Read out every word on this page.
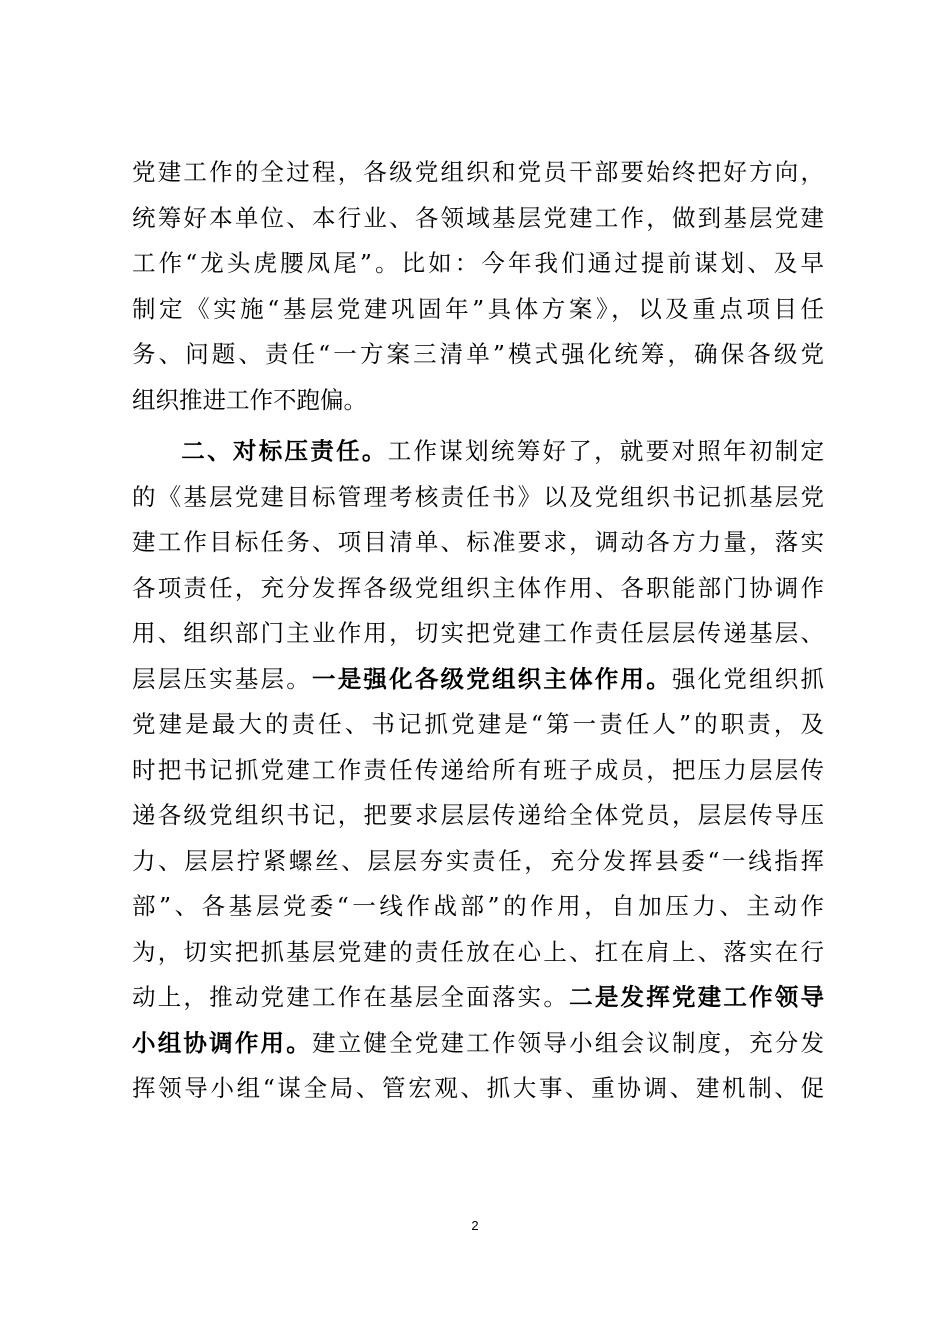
党建工作的全过程，各级党组织和党员干部要始终把好方向，
统筹好本单位、本行业、各领域基层党建工作，做到基层党建
工作“龙头虎腰凤尾”。比如：今年我们通过提前谋划、及早
制定《实施“基层党建巩固年”具体方案》，以及重点项目任
务、问题、责任“一方案三清单”模式强化统筹，确保各级党
组织推进工作不跑偏。
二、对标压责任。工作谋划统筹好了，就要对照年初制定
的《基层党建目标管理考核责任书》以及党组织书记抓基层党
建工作目标任务、项目清单、标准要求，调动各方力量，落实
各项责任，充分发挥各级党组织主体作用、各职能部门协调作
用、组织部门主业作用，切实把党建工作责任层层传递基层、
层层压实基层。一是强化各级党组织主体作用。强化党组织抓
党建是最大的责任、书记抓党建是“第一责任人”的职责，及
时把书记抓党建工作责任传递给所有班子成员，把压力层层传
递各级党组织书记，把要求层层传递给全体党员，层层传导压
力、层层拧紧螺丝、层层夯实责任，充分发挥县委“一线指挥
部”、各基层党委“一线作战部”的作用，自加压力、主动作
为，切实把抓基层党建的责任放在心上、扛在肩上、落实在行
动上，推动党建工作在基层全面落实。二是发挥党建工作领导
小组协调作用。建立健全党建工作领导小组会议制度，充分发
挥领导小组“谋全局、管宏观、抓大事、重协调、建机制、促
2
